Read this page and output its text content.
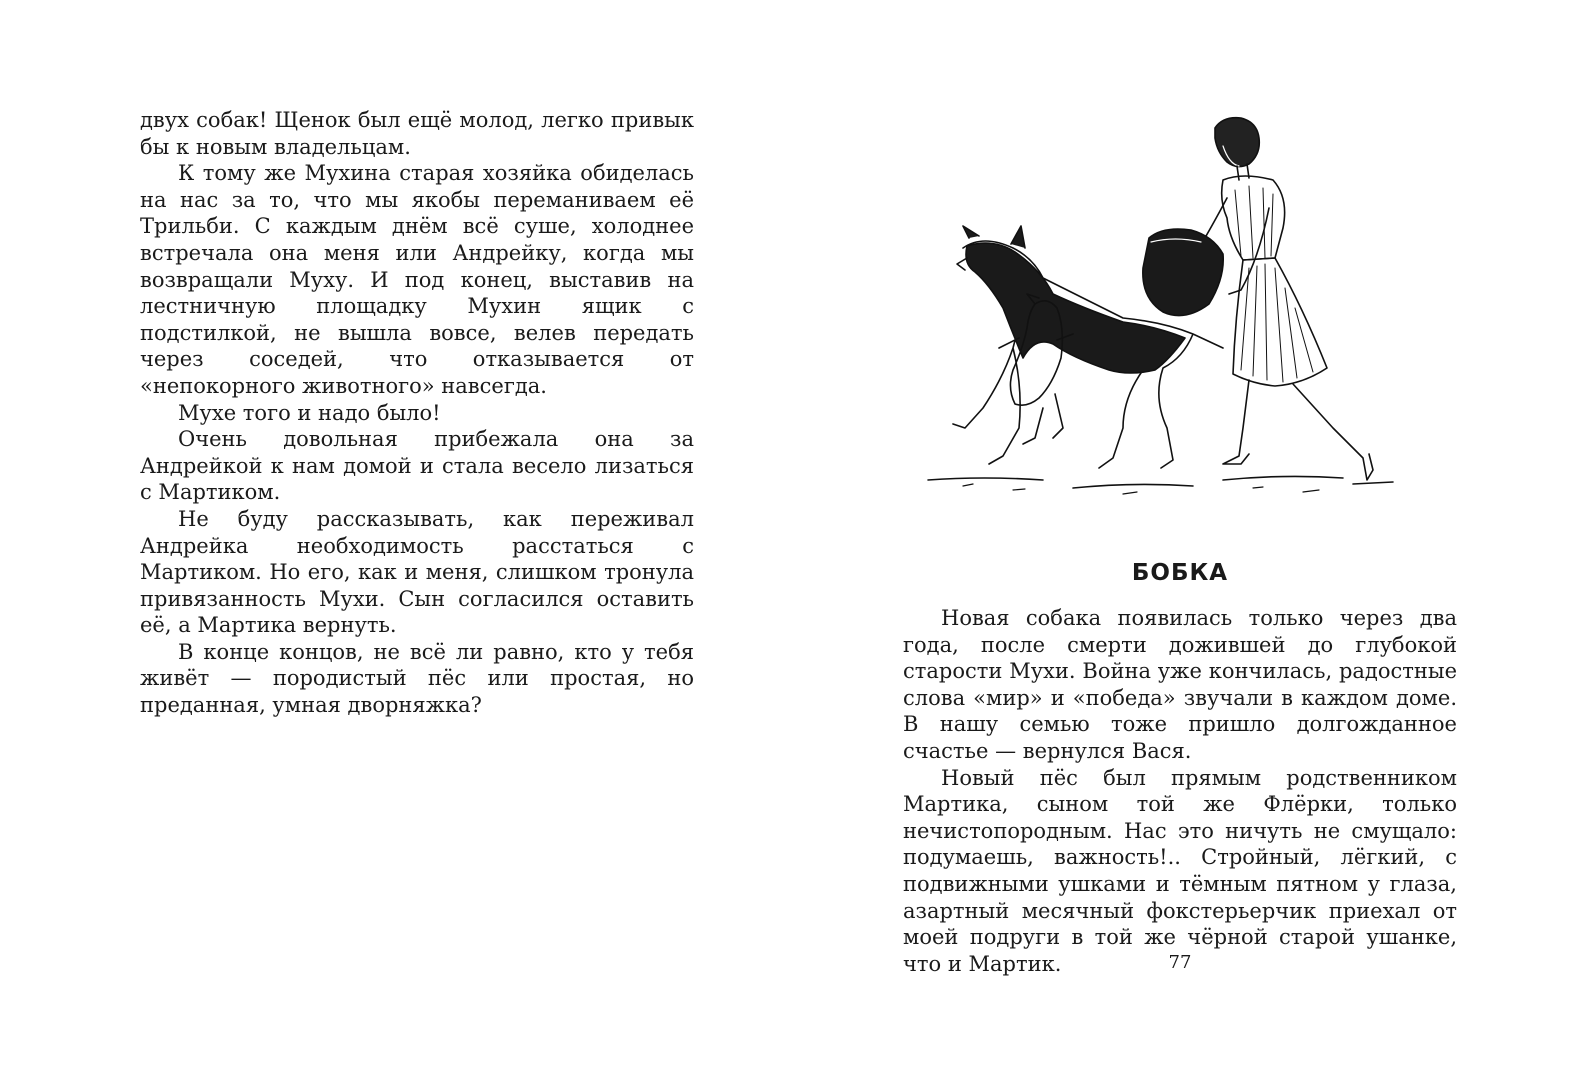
двух собак! Щенок был ещё молод, легко привык бы к новым владельцам.

К тому же Мухина старая хозяйка обиделась на нас за то, что мы якобы переманиваем её Трильби. С каждым днём всё суше, холоднее встречала она меня или Андрейку, когда мы возвращали Муху. И под конец, выставив на лестничную площадку Мухин ящик с подстилкой, не вышла вовсе, велев передать через соседей, что отказывается от «непокорного животного» навсегда.

Мухе того и надо было!

Очень довольная прибежала она за Андрейкой к нам домой и стала весело лизаться с Мартиком.

Не буду рассказывать, как переживал Андрейка необходимость расстаться с Мартиком. Но его, как и меня, слишком тронула привязанность Мухи. Сын согласился оставить её, а Мартика вернуть.

В конце концов, не всё ли равно, кто у тебя живёт — породистый пёс или простая, но преданная, умная дворняжка?

БОБКА

Новая собака появилась только через два года, после смерти дожившей до глубокой старости Мухи. Война уже кончилась, радостные слова «мир» и «победа» звучали в каждом доме. В нашу семью тоже пришло долгожданное счастье — вернулся Вася.

Новый пёс был прямым родственником Мартика, сыном той же Флёрки, только нечистопородным. Нас это ничуть не смущало: подумаешь, важность!.. Стройный, лёгкий, с подвижными ушками и тёмным пятном у глаза, азартный месячный фокстерьерчик приехал от моей подруги в той же чёрной старой ушанке, что и Мартик.	77
